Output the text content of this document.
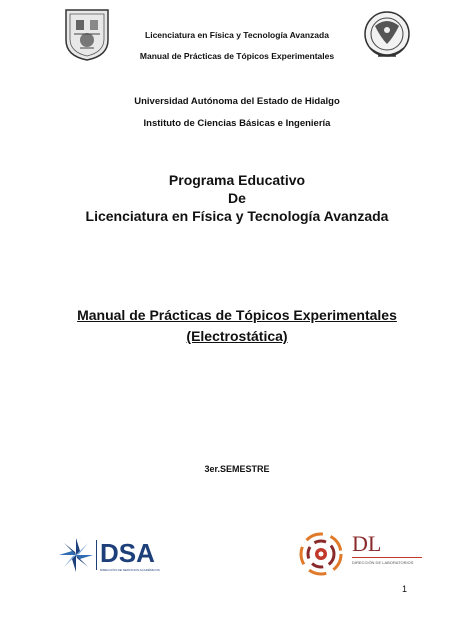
Licenciatura en Física y Tecnología Avanzada
Manual de Prácticas de Tópicos Experimentales
Universidad Autónoma del Estado de Hidalgo
Instituto de Ciencias Básicas e Ingeniería
Programa Educativo
De
Licenciatura en Física y Tecnología Avanzada
Manual de Prácticas de Tópicos Experimentales
(Electrostática)
3er.SEMESTRE
DSA
DIRECCIÓN DE SERVICIOS ACADÉMICOS
DL
DIRECCIÓN DE LABORATORIOS
1
